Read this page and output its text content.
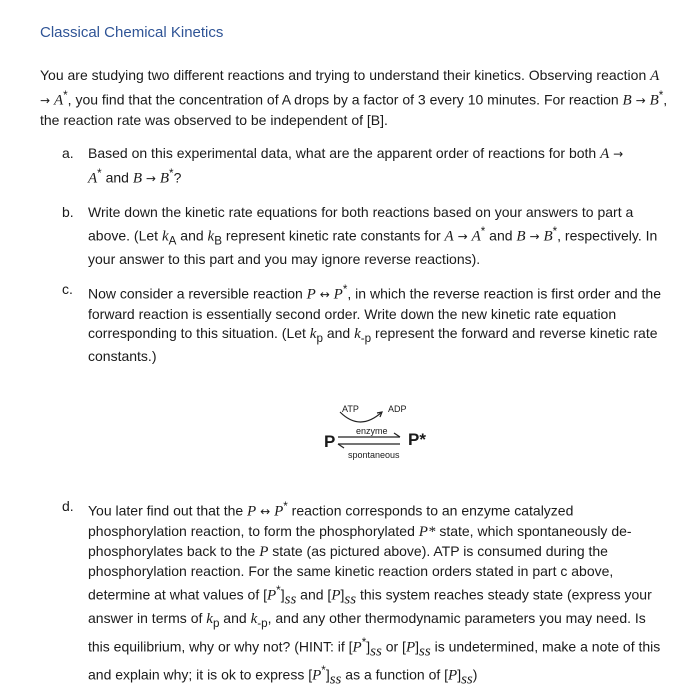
Classical Chemical Kinetics
You are studying two different reactions and trying to understand their kinetics. Observing reaction A → A*, you find that the concentration of A drops by a factor of 3 every 10 minutes. For reaction B → B*, the reaction rate was observed to be independent of [B].
a. Based on this experimental data, what are the apparent order of reactions for both A →
A* and B → B*?
b. Write down the kinetic rate equations for both reactions based on your answers to part a above. (Let $k_A$ and $k_B$ represent kinetic rate constants for A → A* and B → B*, respectively. In your answer to this part and you may ignore reverse reactions).
c. Now consider a reversible reaction P ↔ P*, in which the reverse reaction is first order and the forward reaction is essentially second order. Write down the new kinetic rate equation corresponding to this situation. (Let $k_p$ and $k_{-p}$ represent the forward and reverse kinetic rate constants.)
ATP	ADP
enzyme
P	P*
spontaneous
d. You later find out that the P ↔ P* reaction corresponds to an enzyme catalyzed phosphorylation reaction, to form the phosphorylated P* state, which spontaneously de-phosphorylates back to the P state (as pictured above). ATP is consumed during the phosphorylation reaction. For the same kinetic reaction orders stated in part c above, determine at what values of $[P^*]_{ss}$ and $[P]_{ss}$ this system reaches steady state (express your answer in terms of $k_p$ and $k_{-p}$, and any other thermodynamic parameters you may need. Is this equilibrium, why or why not? (HINT: if $[P^*]_{ss}$ or $[P]_{ss}$ is undetermined, make a note of this and explain why; it is ok to express $[P^*]_{ss}$ as a function of $[P]_{ss}$)
